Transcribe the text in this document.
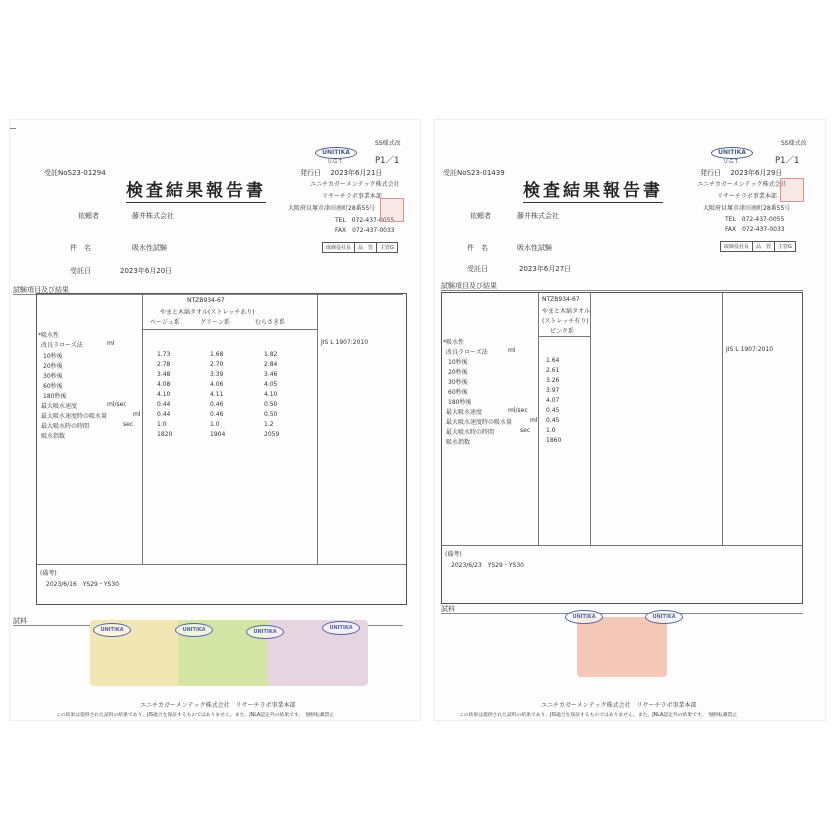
SS様式改
UNITIKA
U.G.T.	P1／1
受託NoS23-01294	発行日 　2023年6月21日
検査結果報告書	ユニチカガーメンテック株式会社
リサーチラボ事業本部
大阪府貝塚市津田南町28番55号
TEL　072-437-0055
FAX　072-437-0033
依頼者	藤井株式会社
件　名	吸水性試験	取締役社長	品　管	主管G
受託日	2023年6月20日
試験項目及び結果
NTZB934-67
やまと木綿タオル(ストレッチあり)
ベージュ系	グリーン系	むらさき系
*吸水性
改良ラローズ法	ml	JIS L 1907:2010
10秒後	1.73	1.68	1.82
20秒後	2.78	2.70	2.84
30秒後	3.48	3.39	3.46
60秒後	4.08	4.06	4.05
180秒後	4.10	4.11	4.10
最大吸水速度	ml/sec	0.44	0.46	0.50
最大吸水速度時の吸水量	ml	0.44	0.46	0.50
最大吸水時の時間	sec	1.0	1.0	1.2
吸水指数	1820	1904	2059
(備考)
2023/6/16　YS29・YS30
試料
UNITIKA	UNITIKA	UNITIKA
UNITIKA
ユニチカガーメンテック株式会社　リサーチラボ事業本部
この結果は提供された試料の結果であり、JIS適合を保証するものではありません。また、JNLA認定外の結果です。　無断転載禁止
SS様式改
UNITIKA
U.G.T.	P1／1
受託NoS23-01439	発行日 　2023年6月29日
検査結果報告書	ユニチカガーメンテック株式会社
リサーチラボ事業本部
大阪府貝塚市津田南町28番55号
TEL　072-437-0055
FAX　072-437-0033
依頼者	藤井株式会社
件　名	吸水性試験	取締役社長	品　管	主管G
受託日	2023年6月27日
試験項目及び結果
NTZB934-67
やまと木綿タオル
(ストレッチ有り)
ピンク系
*吸水性
改良ラローズ法	ml	JIS L 1907:2010
10秒後	1.64
20秒後	2.61
30秒後	3.26
60秒後	3.97
180秒後	4.07
最大吸水速度	ml/sec	0.45
最大吸水速度時の吸水量	ml 0.45
最大吸水時の時間	sec	1.0
吸水指数	1860
(備考)
2023/6/23　YS29・YS30
試料
UNITIKA	UNITIKA
ユニチカガーメンテック株式会社　リサーチラボ事業本部
この結果は提供された試料の結果であり、JIS適合を保証するものではありません。また、JNLA認定外の結果です。　無断転載禁止
